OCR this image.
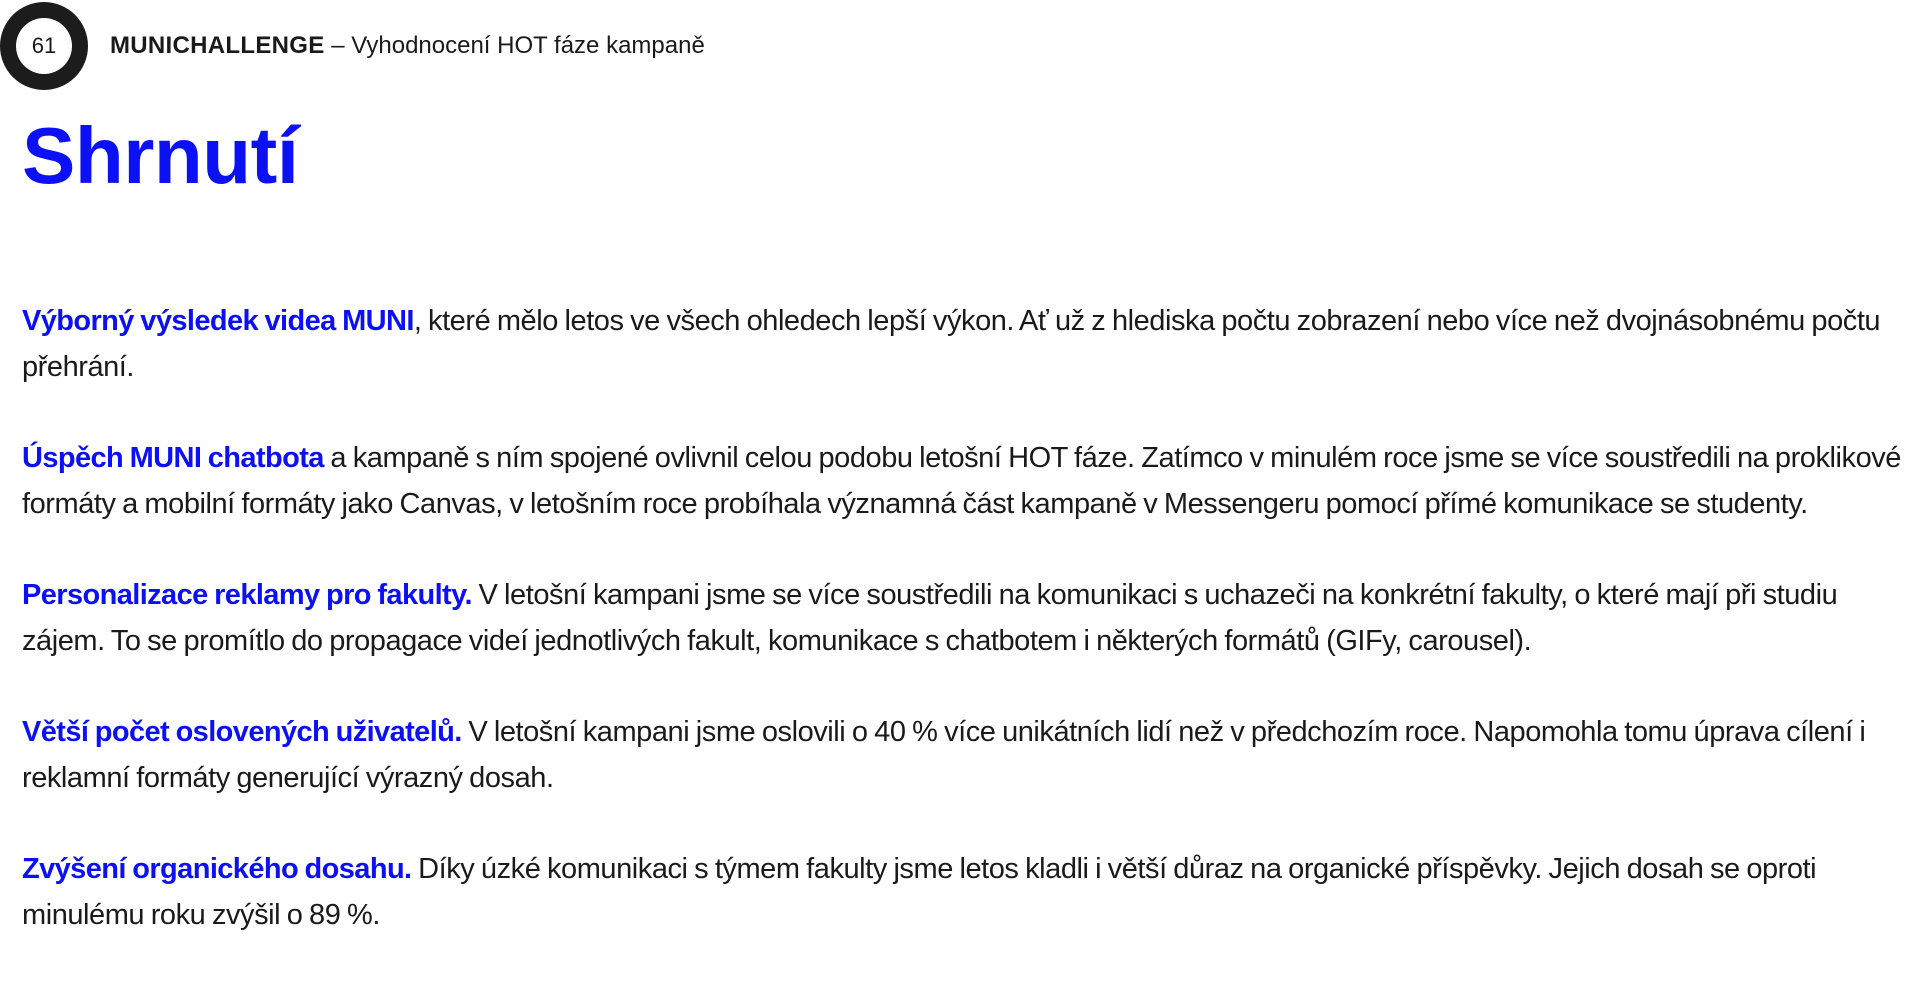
61	MUNICHALLENGE – Vyhodnocení HOT fáze kampaně
Shrnutí

Výborný výsledek videa MUNI, které mělo letos ve všech ohledech lepší výkon. Ať už z hlediska počtu zobrazení nebo více než dvojnásobnému počtu přehrání.

Úspěch MUNI chatbota a kampaně s ním spojené ovlivnil celou podobu letošní HOT fáze. Zatímco v minulém roce jsme se více soustředili na proklikové formáty a mobilní formáty jako Canvas, v letošním roce probíhala významná část kampaně v Messengeru pomocí přímé komunikace se studenty.

Personalizace reklamy pro fakulty. V letošní kampani jsme se více soustředili na komunikaci s uchazeči na konkrétní fakulty, o které mají při studiu zájem. To se promítlo do propagace videí jednotlivých fakult, komunikace s chatbotem i některých formátů (GIFy, carousel).

Větší počet oslovených uživatelů. V letošní kampani jsme oslovili o 40 % více unikátních lidí než v předchozím roce. Napomohla tomu úprava cílení i reklamní formáty generující výrazný dosah.

Zvýšení organického dosahu. Díky úzké komunikaci s týmem fakulty jsme letos kladli i větší důraz na organické příspěvky. Jejich dosah se oproti minulému roku zvýšil o 89 %.
